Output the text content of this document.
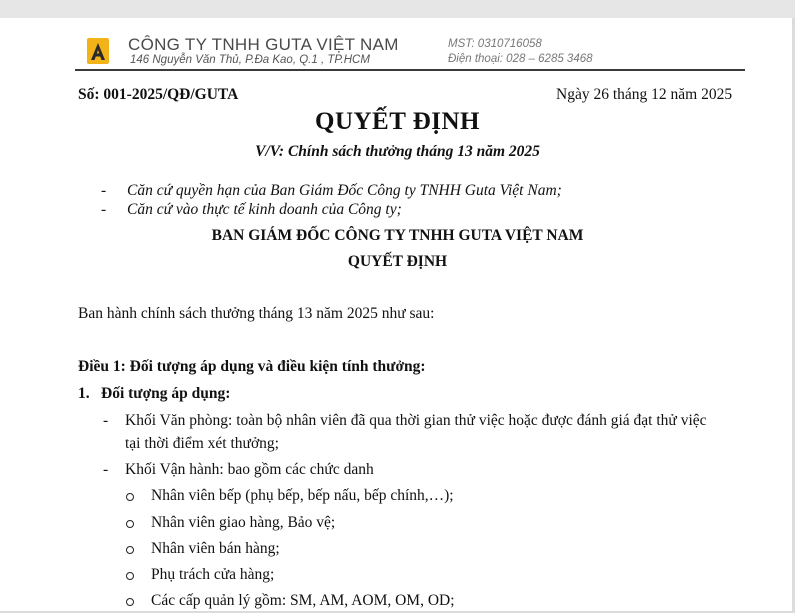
CÔNG TY TNHH GUTA VIỆT NAM
146 Nguyễn Văn Thủ, P.Đa Kao, Q.1 , TP.HCM
MST: 0310716058
Điện thoại: 028 – 6285 3468
Số: 001-2025/QĐ/GUTA	Ngày 26 tháng 12 năm 2025
QUYẾT ĐỊNH
V/V: Chính sách thưởng tháng 13 năm 2025
- Căn cứ quyền hạn của Ban Giám Đốc Công ty TNHH Guta Việt Nam;
- Căn cứ vào thực tế kinh doanh của Công ty;
BAN GIÁM ĐỐC CÔNG TY TNHH GUTA VIỆT NAM
QUYẾT ĐỊNH
Ban hành chính sách thưởng tháng 13 năm 2025 như sau:
Điều 1: Đối tượng áp dụng và điều kiện tính thưởng:
1. Đối tượng áp dụng:
- Khối Văn phòng: toàn bộ nhân viên đã qua thời gian thử việc hoặc được đánh giá đạt thử việc
tại thời điểm xét thưởng;
- Khối Vận hành: bao gồm các chức danh
Nhân viên bếp (phụ bếp, bếp nấu, bếp chính,…);
Nhân viên giao hàng, Bảo vệ;
Nhân viên bán hàng;
Phụ trách cửa hàng;
Các cấp quản lý gồm: SM, AM, AOM, OM, OD;
